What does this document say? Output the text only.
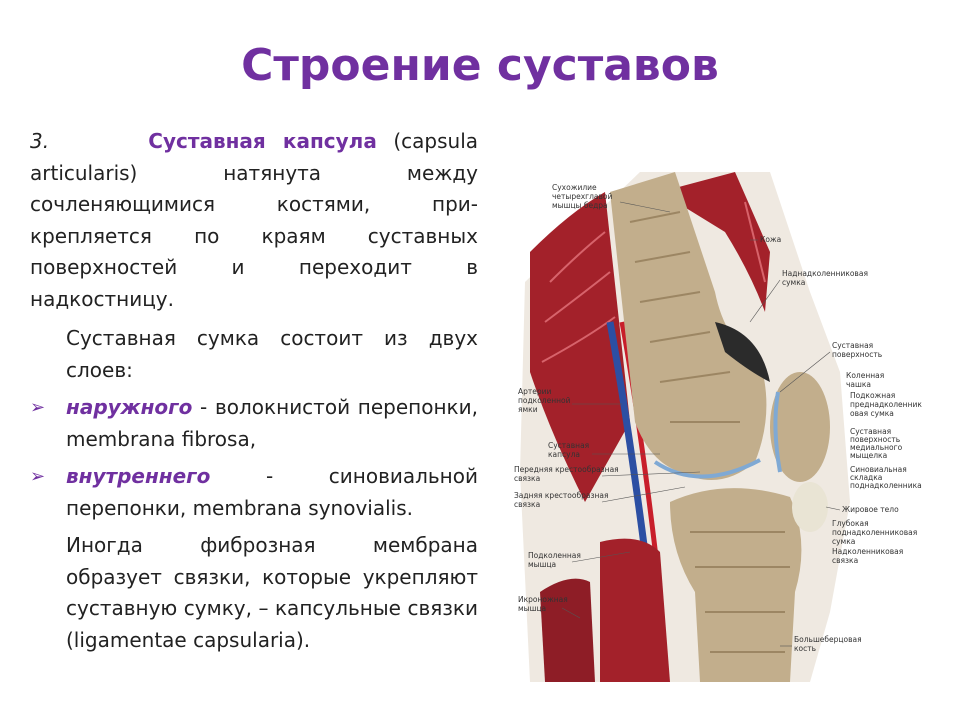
Строение суставов

3.	Суставная капсула (capsula articularis) натянута между сочленяющимися костями, прикрепляется по краям суставных поверхностей и переходит в надкостницу.

Суставная сумка состоит из двух слоев:

➢ наружного - волокнистой перепонки, membrana fibrosa,

➢ внутреннего - синовиальной перепонки, membrana synovialis.

Иногда фиброзная мембрана образует связки, которые укрепляют суставную сумку, – капсульные связки (ligamentae capsularia).

Сухожилие четырехглавой мышцы бедра
Кожа
Наднадколенниковая сумка
Суставная поверхность
Коленная чашка
Подкожная преднадколенник овая сумка
Суставная поверхность медиального мыщелка
Синовиальная складка поднадколенника
Жировое тело
Глубокая поднадколенниковая сумка
Надколенниковая связка
Артерии подколенной ямки
Суставная капсула
Передняя крестообразная связка
Задняя крестообразная связка
Подколенная мышца
Икроножная мышца
Большеберцовая кость
